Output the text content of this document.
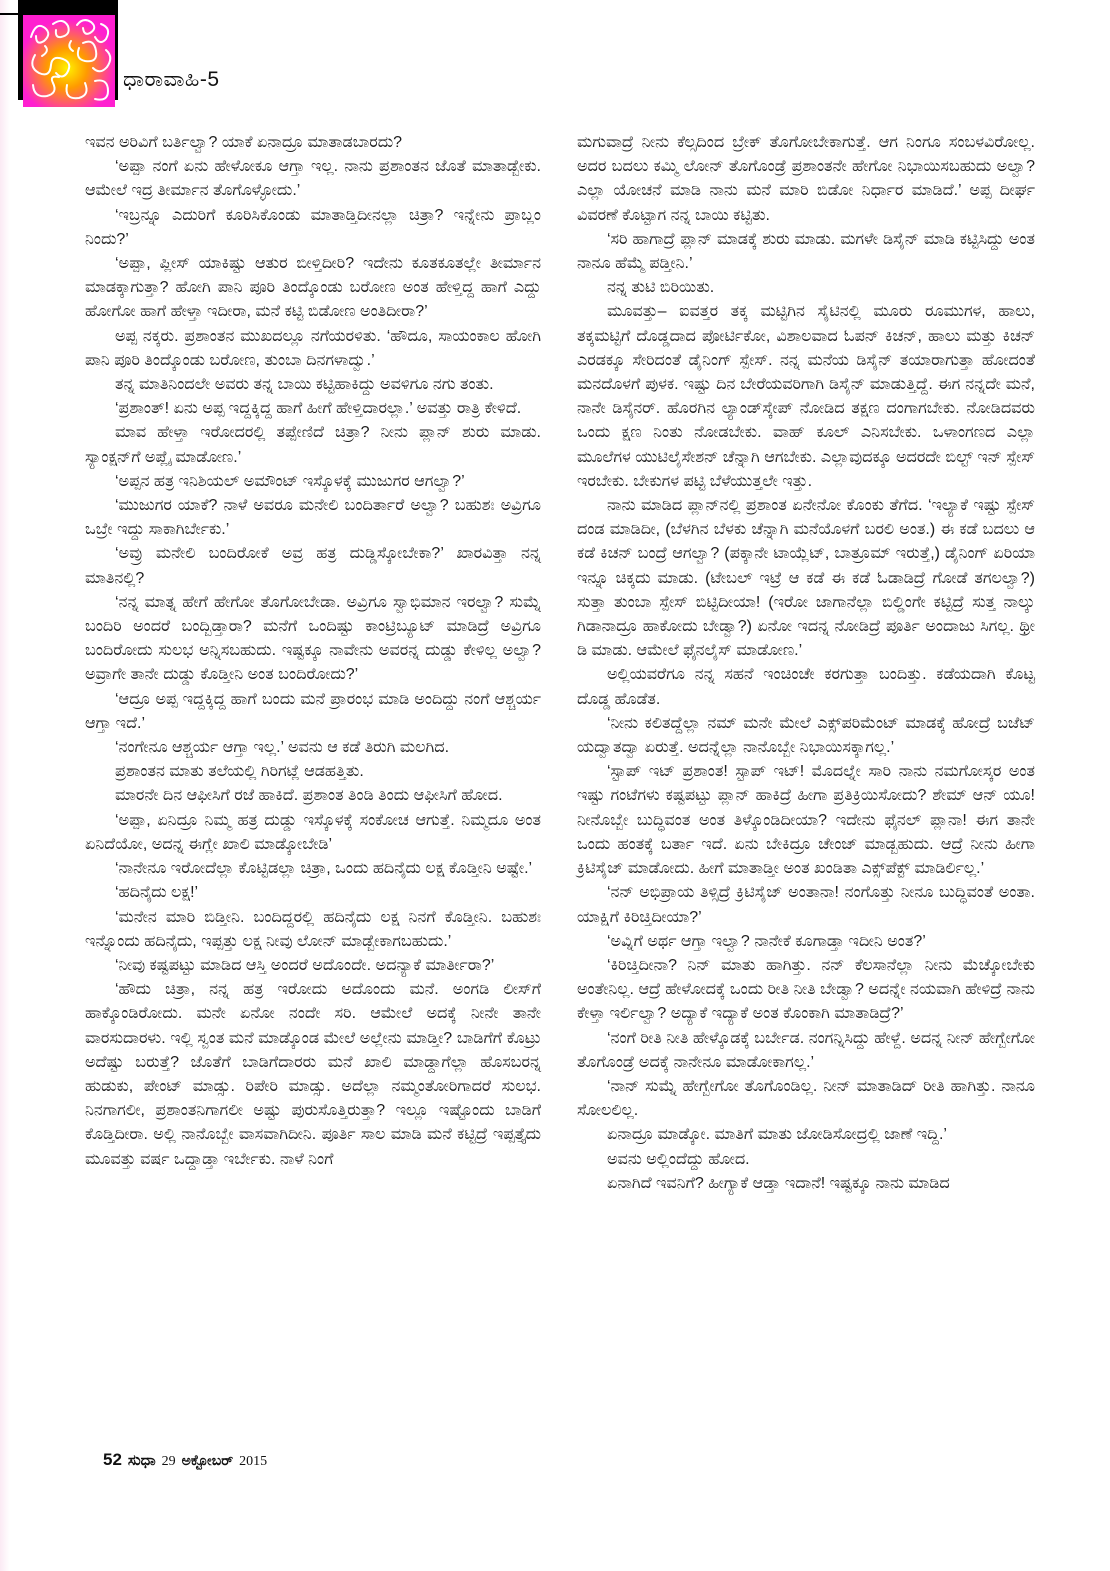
ಧಾರಾವಾಹಿ-5

ಇವನ ಅರಿವಿಗೆ ಬರ್ತಿಲ್ವಾ? ಯಾಕೆ ಏನಾದ್ರೂ ಮಾತಾಡಬಾರದು?

‘ಅಪ್ಪಾ ನಂಗೆ ಏನು ಹೇಳೋಕೂ ಆಗ್ತಾ ಇಲ್ಲ. ನಾನು ಪ್ರಶಾಂತನ ಜೊತೆ ಮಾತಾಡ್ಬೇಕು. ಆಮೇಲೆ ಇದ್ರ ತೀರ್ಮಾನ ತೊಗೊಳ್ಳೋದು.’

‘ಇಬ್ರನ್ನೂ ಎದುರಿಗೆ ಕೂರಿಸಿಕೊಂಡು ಮಾತಾಡ್ತಿದೀನಲ್ಲಾ ಚಿತ್ರಾ? ಇನ್ನೇನು ಪ್ರಾಬ್ಲಂ ನಿಂದು?’

‘ಅಪ್ಪಾ, ಪ್ಲೀಸ್ ಯಾಕಿಷ್ಟು ಆತುರ ಬೀಳ್ತಿದೀರಿ? ಇದೇನು ಕೂತಕೂತಲ್ಲೇ ತೀರ್ಮಾನ ಮಾಡಕ್ಕಾಗುತ್ತಾ? ಹೋಗಿ ಪಾನಿ ಪೂರಿ ತಿಂದ್ಕೊಂಡು ಬರೋಣ ಅಂತ ಹೇಳ್ತಿದ್ದ ಹಾಗೆ ಎದ್ದು ಹೋಗೋ ಹಾಗೆ ಹೇಳ್ತಾ ಇದೀರಾ, ಮನೆ ಕಟ್ಟಿ ಬಿಡೋಣ ಅಂತಿದೀರಾ?’

ಅಪ್ಪ ನಕ್ಕರು. ಪ್ರಶಾಂತನ ಮುಖದಲ್ಲೂ ನಗೆಯರಳಿತು. ‘ಹೌದೂ, ಸಾಯಂಕಾಲ ಹೋಗಿ ಪಾನಿ ಪೂರಿ ತಿಂದ್ಕೊಂಡು ಬರೋಣ, ತುಂಬಾ ದಿನಗಳಾದ್ವು.’

ತನ್ನ ಮಾತಿನಿಂದಲೇ ಅವರು ತನ್ನ ಬಾಯಿ ಕಟ್ಟಿಹಾಕಿದ್ದು ಅವಳಿಗೂ ನಗು ತಂತು.

‘ಪ್ರಶಾಂತ್! ಏನು ಅಪ್ಪ ಇದ್ದಕ್ಕಿದ್ದ ಹಾಗೆ ಹೀಗೆ ಹೇಳ್ತಿದಾರಲ್ಲಾ.’ ಅವತ್ತು ರಾತ್ರಿ ಕೇಳಿದೆ.

ಮಾವ ಹೇಳ್ತಾ ಇರೋದರಲ್ಲಿ ತಪ್ಪೇಣಿದೆ ಚಿತ್ರಾ? ನೀನು ಪ್ಲಾನ್ ಶುರು ಮಾಡು. ಸ್ಯಾಂಕ್ಷನ್‌ಗೆ ಅಪ್ಲೈ ಮಾಡೋಣ.’

‘ಅಪ್ಪನ ಹತ್ರ ಇನಿಶಿಯಲ್ ಅಮೌಂಟ್ ಇಸ್ಕೊಳಕ್ಕೆ ಮುಜುಗರ ಆಗಲ್ವಾ?’

‘ಮುಜುಗರ ಯಾಕೆ? ನಾಳೆ ಅವರೂ ಮನೇಲಿ ಬಂದಿರ್ತಾರೆ ಅಲ್ವಾ? ಬಹುಶಃ ಅವ್ರಿಗೂ ಒಬ್ರೇ ಇದ್ದು ಸಾಕಾಗಿರ್ಬೇಕು.’

‘ಅವ್ರು ಮನೇಲಿ ಬಂದಿರೋಕೆ ಅವ್ರ ಹತ್ರ ದುಡ್ಡಿಸ್ಕೋಬೇಕಾ?’ ಖಾರವಿತ್ತಾ ನನ್ನ ಮಾತಿನಲ್ಲಿ?

‘ನನ್ನ ಮಾತ್ನ ಹೇಗೆ ಹೇಗೋ ತೊಗೋಬೇಡಾ. ಅವ್ರಿಗೂ ಸ್ವಾಭಿಮಾನ ಇರಲ್ವಾ? ಸುಮ್ನೆ ಬಂದಿರಿ ಅಂದರೆ ಬಂದ್ಬಿಡ್ತಾರಾ? ಮನೆಗೆ ಒಂದಿಷ್ಟು ಕಾಂಟ್ರಿಬ್ಯೂಟ್ ಮಾಡಿದ್ರೆ ಅವ್ರಿಗೂ ಬಂದಿರೋದು ಸುಲಭ ಅನ್ನಿಸಬಹುದು. ಇಷ್ಟಕ್ಕೂ ನಾವೇನು ಅವರನ್ನ ದುಡ್ಡು ಕೇಳಿಲ್ಲ ಅಲ್ವಾ? ಅವ್ರಾಗೇ ತಾನೇ ದುಡ್ಡು ಕೊಡ್ತೀನಿ ಅಂತ ಬಂದಿರೋದು?’

‘ಆದ್ರೂ ಅಪ್ಪ ಇದ್ದಕ್ಕಿದ್ದ ಹಾಗೆ ಬಂದು ಮನೆ ಪ್ರಾರಂಭ ಮಾಡಿ ಅಂದಿದ್ದು ನಂಗೆ ಆಶ್ಚರ್ಯ ಆಗ್ತಾ ಇದೆ.’

‘ನಂಗೇನೂ ಆಶ್ಚರ್ಯ ಆಗ್ತಾ ಇಲ್ಲ.’ ಅವನು ಆ ಕಡೆ ತಿರುಗಿ ಮಲಗಿದ.

ಪ್ರಶಾಂತನ ಮಾತು ತಲೆಯಲ್ಲಿ ಗಿರಿಗಟ್ಲೆ ಆಡಹತ್ತಿತು.

ಮಾರನೇ ದಿನ ಆಫೀಸಿಗೆ ರಜೆ ಹಾಕಿದೆ. ಪ್ರಶಾಂತ ತಿಂಡಿ ತಿಂದು ಆಫೀಸಿಗೆ ಹೋದ.

‘ಅಪ್ಪಾ, ಏನಿದ್ರೂ ನಿಮ್ಮ ಹತ್ರ ದುಡ್ಡು ಇಸ್ಕೊಳಕ್ಕೆ ಸಂಕೋಚ ಆಗುತ್ತೆ. ನಿಮ್ಮದೂ ಅಂತ ಏನಿದೆಯೋ, ಅದನ್ನ ಈಗ್ಲೇ ಖಾಲಿ ಮಾಡ್ಕೋಬೇಡಿ’

‘ನಾನೇನೂ ಇರೋದೆಲ್ಲಾ ಕೊಟ್ಟಿಡಲ್ಲಾ ಚಿತ್ರಾ, ಒಂದು ಹದಿನೈದು ಲಕ್ಷ ಕೊಡ್ತೀನಿ ಅಷ್ಟೇ.’

‘ಹದಿನೈದು ಲಕ್ಷ!’

‘ಮನೇನ ಮಾರಿ ಬಿಡ್ತೀನಿ. ಬಂದಿದ್ದರಲ್ಲಿ ಹದಿನೈದು ಲಕ್ಷ ನಿನಗೆ ಕೊಡ್ತೀನಿ. ಬಹುಶಃ ಇನ್ನೊಂದು ಹದಿನೈದು, ಇಪ್ಪತ್ತು ಲಕ್ಷ ನೀವು ಲೋನ್ ಮಾಡ್ಬೇಕಾಗಬಹುದು.’

‘ನೀವು ಕಷ್ಟಪಟ್ಟು ಮಾಡಿದ ಆಸ್ತಿ ಅಂದರೆ ಅದೊಂದೇ. ಅದನ್ಯಾಕೆ ಮಾರ್ತೀರಾ?’

‘ಹೌದು ಚಿತ್ರಾ, ನನ್ನ ಹತ್ರ ಇರೋದು ಅದೊಂದು ಮನೆ. ಅಂಗಡಿ ಲೀಸ್‌ಗೆ ಹಾಕ್ಕೊಂಡಿರೋದು. ಮನೇ ಏನೋ ನಂದೇ ಸರಿ. ಆಮೇಲೆ ಅದಕ್ಕೆ ನೀನೇ ತಾನೇ ವಾರಸುದಾರಳು. ಇಲ್ಲಿ ಸ್ವಂತ ಮನೆ ಮಾಡ್ಕೊಂಡ ಮೇಲೆ ಅಲ್ಲೇನು ಮಾಡ್ತೀ? ಬಾಡಿಗೆಗೆ ಕೊಟ್ರು ಅದೆಷ್ಟು ಬರುತ್ತೆ? ಜೊತೆಗೆ ಬಾಡಿಗೆದಾರರು ಮನೆ ಖಾಲಿ ಮಾಡ್ದಾಗೆಲ್ಲಾ ಹೊಸಬರನ್ನ ಹುಡುಕು, ಪೇಂಟ್ ಮಾಡ್ಸು. ರಿಪೇರಿ ಮಾಡ್ಸು. ಅದೆಲ್ಲಾ ನಮ್ಮಂತೋರಿಗಾದರೆ ಸುಲಭ. ನಿನಗಾಗಲೀ, ಪ್ರಶಾಂತನಿಗಾಗಲೀ ಅಷ್ಟು ಪುರುಸೊತ್ತಿರುತ್ತಾ? ಇಲ್ಲೂ ಇಷ್ಟೊಂದು ಬಾಡಿಗೆ ಕೊಡ್ತಿದೀರಾ. ಅಲ್ಲಿ ನಾನೊಬ್ಬೇ ವಾಸವಾಗಿದೀನಿ. ಪೂರ್ತಿ ಸಾಲ ಮಾಡಿ ಮನೆ ಕಟ್ಟಿದ್ರೆ ಇಪ್ಪತ್ತೈದು ಮೂವತ್ತು ವರ್ಷ ಒದ್ದಾಡ್ತಾ ಇರ್ಬೇಕು. ನಾಳೆ ನಿಂಗೆ

ಮಗುವಾದ್ರೆ ನೀನು ಕೆಲ್ಸದಿಂದ ಬ್ರೇಕ್ ತೊಗೋಬೇಕಾಗುತ್ತೆ. ಆಗ ನಿಂಗೂ ಸಂಬಳವಿರೋಲ್ಲ. ಅದರ ಬದಲು ಕಮ್ಮಿ ಲೋನ್ ತೊಗೊಂಡ್ರೆ ಪ್ರಶಾಂತನೇ ಹೇಗೋ ನಿಭಾಯಿಸಬಹುದು ಅಲ್ವಾ? ಎಲ್ಲಾ ಯೋಚನೆ ಮಾಡಿ ನಾನು ಮನೆ ಮಾರಿ ಬಿಡೋ ನಿರ್ಧಾರ ಮಾಡಿದೆ.’ ಅಪ್ಪ ದೀರ್ಘ ವಿವರಣೆ ಕೊಟ್ಟಾಗ ನನ್ನ ಬಾಯಿ ಕಟ್ಟಿತು.

‘ಸರಿ ಹಾಗಾದ್ರೆ ಪ್ಲಾನ್ ಮಾಡಕ್ಕೆ ಶುರು ಮಾಡು. ಮಗಳೇ ಡಿಸೈನ್ ಮಾಡಿ ಕಟ್ಟಿಸಿದ್ದು ಅಂತ ನಾನೂ ಹೆಮ್ಮೆ ಪಡ್ತೀನಿ.’

ನನ್ನ ತುಟಿ ಬಿರಿಯಿತು.

ಮೂವತ್ತು– ಐವತ್ತರ ತಕ್ಕ ಮಟ್ಟಿಗಿನ ಸೈಟಿನಲ್ಲಿ ಮೂರು ರೂಮುಗಳ, ಹಾಲು, ತಕ್ಕಮಟ್ಟಿಗೆ ದೊಡ್ಡದಾದ ಪೋರ್ಟಿಕೋ, ವಿಶಾಲವಾದ ಓಪನ್ ಕಿಚನ್, ಹಾಲು ಮತ್ತು ಕಿಚನ್ ಎರಡಕ್ಕೂ ಸೇರಿದಂತೆ ಡೈನಿಂಗ್ ಸ್ಪೇಸ್. ನನ್ನ ಮನೆಯ ಡಿಸೈನ್ ತಯಾರಾಗುತ್ತಾ ಹೋದಂತೆ ಮನದೊಳಗೆ ಪುಳಕ. ಇಷ್ಟು ದಿನ ಬೇರೆಯವರಿಗಾಗಿ ಡಿಸೈನ್ ಮಾಡುತ್ತಿದ್ದೆ. ಈಗ ನನ್ನದೇ ಮನೆ, ನಾನೇ ಡಿಸೈನರ್. ಹೊರಗಿನ ಲ್ಯಾಂಡ್‌ಸ್ಕೇಪ್ ನೋಡಿದ ತಕ್ಷಣ ದಂಗಾಗಬೇಕು. ನೋಡಿದವರು ಒಂದು ಕ್ಷಣ ನಿಂತು ನೋಡಬೇಕು. ವಾಹ್ ಕೂಲ್ ಎನಿಸಬೇಕು. ಒಳಾಂಗಣದ ಎಲ್ಲಾ ಮೂಲೆಗಳ ಯುಟಿಲೈಸೇಶನ್ ಚೆನ್ನಾಗಿ ಆಗಬೇಕು. ಎಲ್ಲಾವುದಕ್ಕೂ ಅದರದೇ ಬಿಲ್ಟ್ ಇನ್ ಸ್ಪೇಸ್ ಇರಬೇಕು. ಬೇಕುಗಳ ಪಟ್ಟಿ ಬೆಳೆಯುತ್ತಲೇ ಇತ್ತು.

ನಾನು ಮಾಡಿದ ಪ್ಲಾನ್‌ನಲ್ಲಿ ಪ್ರಶಾಂತ ಏನೇನೋ ಕೊಂಕು ತೆಗೆದ. ‘ಇಲ್ಯಾಕೆ ಇಷ್ಟು ಸ್ಪೇಸ್ ದಂಡ ಮಾಡಿದೀ, (ಬೆಳಗಿನ ಬೆಳಕು ಚೆನ್ನಾಗಿ ಮನೆಯೊಳಗೆ ಬರಲಿ ಅಂತ.) ಈ ಕಡೆ ಬದಲು ಆ ಕಡೆ ಕಿಚನ್ ಬಂದ್ರೆ ಆಗಲ್ವಾ? (ಪಕ್ಕಾನೇ ಟಾಯ್ಲೆಟ್, ಬಾತ್ರೂಮ್ ಇರುತ್ತೆ,) ಡೈನಿಂಗ್ ಏರಿಯಾ ಇನ್ನೂ ಚಿಕ್ಕದು ಮಾಡು. (ಟೇಬಲ್ ಇಟ್ರೆ ಆ ಕಡೆ ಈ ಕಡೆ ಓಡಾಡಿದ್ರೆ ಗೋಡೆ ತಗಲಲ್ವಾ?) ಸುತ್ತಾ ತುಂಬಾ ಸ್ಪೇಸ್ ಬಿಟ್ಟಿದೀಯಾ! (ಇರೋ ಜಾಗಾನೆಲ್ಲಾ ಬಿಲ್ಡಿಂಗೇ ಕಟ್ಟಿದ್ರೆ ಸುತ್ತ ನಾಲ್ಕು ಗಿಡಾನಾದ್ರೂ ಹಾಕೋದು ಬೇಡ್ವಾ?) ಏನೋ ಇದನ್ನ ನೋಡಿದ್ರೆ ಪೂರ್ತಿ ಅಂದಾಜು ಸಿಗಲ್ಲ. ಥ್ರೀ ಡಿ ಮಾಡು. ಆಮೇಲೆ ಫೈನಲೈಸ್ ಮಾಡೋಣ.’

ಅಲ್ಲಿಯವರೆಗೂ ನನ್ನ ಸಹನೆ ಇಂಚಿಂಚೇ ಕರಗುತ್ತಾ ಬಂದಿತ್ತು. ಕಡೆಯದಾಗಿ ಕೊಟ್ಟ ದೊಡ್ಡ ಹೊಡೆತ.

‘ನೀನು ಕಲಿತದ್ದೆಲ್ಲಾ ನಮ್ ಮನೇ ಮೇಲೆ ಎಕ್ಸ್‌ಪರಿಮೆಂಟ್ ಮಾಡಕ್ಕೆ ಹೋದ್ರೆ ಬಜೆಟ್ ಯದ್ವಾತದ್ವಾ ಏರುತ್ತೆ. ಅದನ್ನೆಲ್ಲಾ ನಾನೊಬ್ಬೇ ನಿಭಾಯಿಸಕ್ಕಾಗಲ್ಲ.’

‘ಸ್ಟಾಪ್ ಇಟ್ ಪ್ರಶಾಂತ! ಸ್ಟಾಪ್ ಇಟ್! ಮೊದಲ್ನೇ ಸಾರಿ ನಾನು ನಮಗೋಸ್ಕರ ಅಂತ ಇಷ್ಟು ಗಂಟೆಗಳು ಕಷ್ಟಪಟ್ಟು ಪ್ಲಾನ್ ಹಾಕಿದ್ರೆ ಹೀಗಾ ಪ್ರತಿಕ್ರಿಯಿಸೋದು? ಶೇಮ್ ಆನ್ ಯೂ! ನೀನೊಬ್ಬೇ ಬುದ್ಧಿವಂತ ಅಂತ ತಿಳ್ಕೊಂಡಿದೀಯಾ? ಇದೇನು ಫೈನಲ್ ಪ್ಲಾನಾ! ಈಗ ತಾನೇ ಒಂದು ಹಂತಕ್ಕೆ ಬರ್ತಾ ಇದೆ. ಏನು ಬೇಕಿದ್ರೂ ಚೇಂಜ್ ಮಾಡ್ಬಹುದು. ಆದ್ರೆ ನೀನು ಹೀಗಾ ಕ್ರಿಟಿಸೈಜ್ ಮಾಡೋದು. ಹೀಗೆ ಮಾತಾಡ್ತೀ ಅಂತ ಖಂಡಿತಾ ಎಕ್ಸ್‌ಪೆಕ್ಟ್ ಮಾಡಿರ್ಲಿಲ್ಲ.’

‘ನನ್ ಅಭಿಪ್ರಾಯ ತಿಳ್ಸಿದ್ರೆ ಕ್ರಿಟಿಸೈಜ್ ಅಂತಾನಾ! ನಂಗೊತ್ತು ನೀನೂ ಬುದ್ಧಿವಂತೆ ಅಂತಾ. ಯಾಕ್ಷಿಗೆ ಕಿರಿಚ್ತಿದೀಯಾ?’

‘ಅವ್ನಿಗೆ ಅರ್ಥ ಆಗ್ತಾ ಇಲ್ವಾ? ನಾನೇಕೆ ಕೂಗಾಡ್ತಾ ಇದೀನಿ ಅಂತ?’

‘ಕಿರಿಚ್ತಿದೀನಾ? ನಿನ್ ಮಾತು ಹಾಗಿತ್ತು. ನನ್ ಕೆಲಸಾನೆಲ್ಲಾ ನೀನು ಮೆಚ್ಕೋಬೇಕು ಅಂತೇನಿಲ್ಲ. ಆದ್ರೆ ಹೇಳೋದಕ್ಕೆ ಒಂದು ರೀತಿ ನೀತಿ ಬೇಡ್ವಾ? ಅದನ್ನೇ ನಯವಾಗಿ ಹೇಳಿದ್ರೆ ನಾನು ಕೇಳ್ತಾ ಇರ್ಲಿಲ್ವಾ? ಅದ್ಯಾಕೆ ಇದ್ಯಾಕೆ ಅಂತ ಕೊಂಕಾಗಿ ಮಾತಾಡಿದ್ರೆ?’

‘ನಂಗೆ ರೀತಿ ನೀತಿ ಹೇಳ್ಕೊಡಕ್ಕೆ ಬರ್ಬೇಡ. ನಂಗನ್ನಿಸಿದ್ದು ಹೇಳ್ದೆ. ಅದನ್ನ ನೀನ್ ಹೇಗ್ಬೇಗೋ ತೊಗೊಂಡ್ರೆ ಅದಕ್ಕೆ ನಾನೇನೂ ಮಾಡೋಕಾಗಲ್ಲ.’

‘ನಾನ್ ಸುಮ್ನೆ ಹೇಗ್ಬೇಗೋ ತೊಗೊಂಡಿಲ್ಲ. ನೀನ್ ಮಾತಾಡಿದ್ ರೀತಿ ಹಾಗಿತ್ತು. ನಾನೂ ಸೋಲಲಿಲ್ಲ.

ಏನಾದ್ರೂ ಮಾಡ್ಕೋ. ಮಾತಿಗೆ ಮಾತು ಜೋಡಿಸೋದ್ರಲ್ಲಿ ಜಾಣೆ ಇದ್ದಿ.’

ಅವನು ಅಲ್ಲಿಂದೆದ್ದು ಹೋದ.

ಏನಾಗಿದೆ ಇವನಿಗೆ? ಹೀಗ್ಯಾಕೆ ಆಡ್ತಾ ಇದಾನೆ! ಇಷ್ಟಕ್ಕೂ ನಾನು ಮಾಡಿದ

52 ಸುಧಾ 29 ಅಕ್ಟೋಬರ್ 2015
